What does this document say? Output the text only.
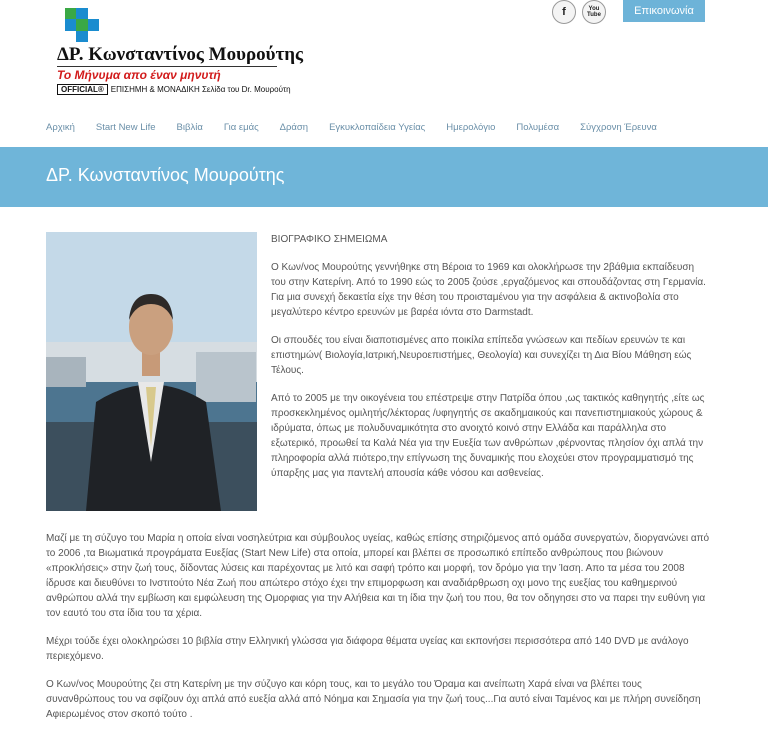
ΔΡ. Κωνσταντίνος Μουρούτης
Το Μήνυμα απο έναν μηνυτή
OFFICIAL® ΕΠΙΣΗΜΗ & ΜΟΝΑΔΙΚΗ Σελίδα του Dr. Μουρούτη
f	You Tube	Επικοινωνία
Αρχική Start New Life Βιβλία Για εμάς Δράση Εγκυκλοπαίδεια Υγείας Ημερολόγιο Πολυμέσα Σύγχρονη Έρευνα
ΔΡ. Κωνσταντίνος Μουρούτης

ΒΙΟΓΡΑΦΙΚΟ ΣΗΜΕΙΩΜΑ

Ο Κων/νος Μουρούτης γεννήθηκε στη Βέροια το 1969 και ολοκλήρωσε την 2βάθμια εκπαίδευση του στην Κατερίνη. Από το 1990 εώς το 2005 ζούσε ,εργαζόμενος και σπουδάζοντας στη Γερμανία. Για μια συνεχή δεκαετία είχε την θέση του προισταμένου για την ασφάλεια & ακτινοβολία στο μεγαλύτερο κέντρο ερευνών με βαρέα ιόντα στο Darmstadt.

Οι σπουδές του είναι διαποτισμένες απο ποικίλα επίπεδα γνώσεων και πεδίων ερευνών τε και επιστημών( Βιολογία,Ιατρική,Νευροεπιστήμες, Θεολογία) και συνεχίζει τη Δια Βίου Μάθηση εώς Τέλους.

Από το 2005 με την οικογένεια του επέστρεψε στην Πατρίδα όπου ,ως τακτικός καθηγητής ,είτε ως προσκεκλημένος ομιλητής/λέκτορας /υφηγητής σε ακαδημαικούς και πανεπιστημιακούς χώρους & ιδρύματα, όπως με πολυδυναμικότητα στο ανοιχτό κοινό στην Ελλάδα και παράλληλα στο εξωτερικό, προωθεί τα Καλά Νέα για την Ευεξία των ανθρώπων ,φέρνοντας πλησίον όχι απλά την πληροφορία αλλά πιότερο,την επίγνωση της δυναμικής που ελοχεύει στον προγραμματισμό της ύπαρξης μας για παντελή απουσία κάθε νόσου και ασθενείας.

Μαζί με τη σύζυγο του Μαρία η οποία είναι νοσηλεύτρια και σύμβουλος υγείας, καθώς επίσης στηριζόμενος από ομάδα συνεργατών, διοργανώνει από το 2006 ,τα Βιωματικά προγράματα Ευεξίας (Start New Life) στα οποία, μπορεί και βλέπει σε προσωπικό επίπεδο ανθρώπους που βιώνουν «προκλήσεις» στην ζωή τους, δίδοντας λύσεις και παρέχοντας με λιτό και σαφή τρόπο και μορφή, τον δρόμο για την Ίαση. Απο τα μέσα του 2008 ίδρυσε και διευθύνει το Ινστιτούτο Νέα Ζωή που απώτερο στόχο έχει την επιμορφωση και αναδιάρθρωση οχι μονο της ευεξίας του καθημερινού ανθρώπου αλλά την εμβίωση και εμφώλευση της Ομορφιας για την Αλήθεια και τη ίδια την ζωή του που, θα τον οδηγησει στο να παρει την ευθύνη για τον εαυτό του στα ίδια του τα χέρια.

Μέχρι τούδε έχει ολοκληρώσει 10 βιβλία στην Ελληνική γλώσσα για διάφορα θέματα υγείας και εκπονήσει περισσότερα από 140 DVD με ανάλογο περιεχόμενο.

Ο Κων/νος Μουρούτης ζει στη Κατερίνη με την σύζυγο και κόρη τους, και το μεγάλο του Όραμα και ανείπωτη Χαρά είναι να βλέπει τους συνανθρώπους του να σφίζουν όχι απλά από ευεξία αλλά από Νόημα και Σημασία για την ζωή τους...Για αυτό είναι Ταμένος και με πλήρη συνείδηση Αφιερωμένος στον σκοπό τούτο .
